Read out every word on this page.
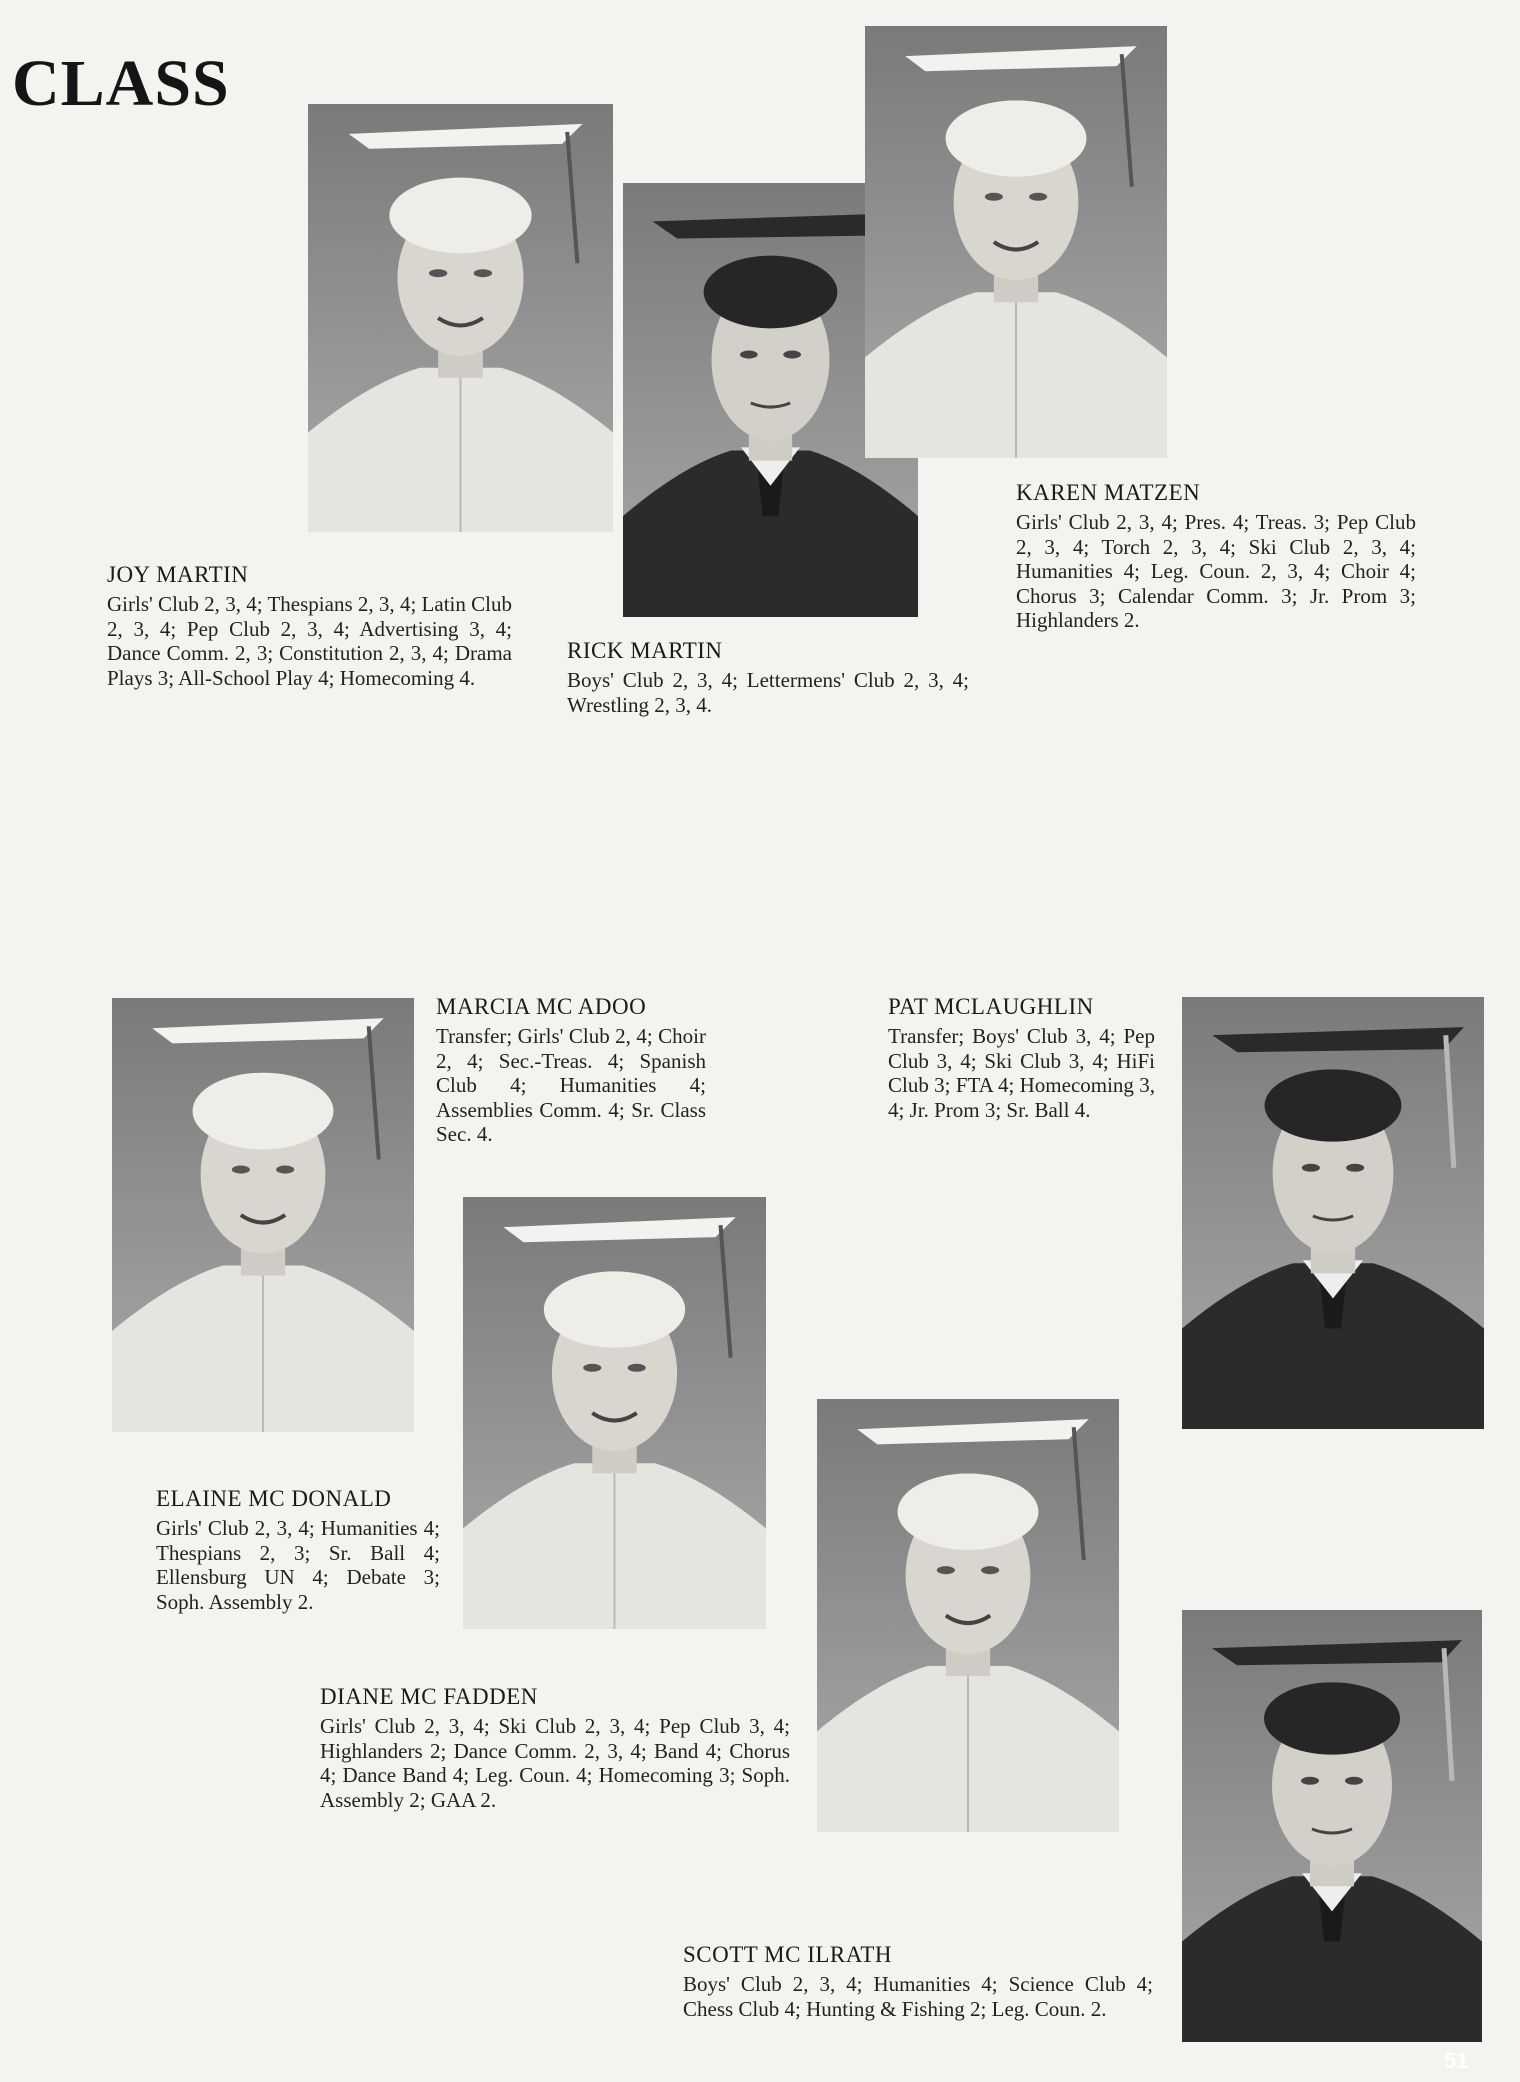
CLASS
JOY MARTIN
Girls' Club 2, 3, 4; Thespians 2, 3, 4; Latin Club 2, 3, 4; Pep Club 2, 3, 4; Advertising 3, 4; Dance Comm. 2, 3; Constitution 2, 3, 4; Drama Plays 3; All-School Play 4; Homecoming 4.
RICK MARTIN
Boys' Club 2, 3, 4; Lettermens' Club 2, 3, 4; Wrestling 2, 3, 4.
KAREN MATZEN
Girls' Club 2, 3, 4; Pres. 4; Treas. 3; Pep Club 2, 3, 4; Torch 2, 3, 4; Ski Club 2, 3, 4; Humanities 4; Leg. Coun. 2, 3, 4; Choir 4; Chorus 3; Calendar Comm. 3; Jr. Prom 3; Highlanders 2.
MARCIA MC ADOO
Transfer; Girls' Club 2, 4; Choir 2, 4; Sec.-Treas. 4; Spanish Club 4; Humanities 4; Assemblies Comm. 4; Sr. Class Sec. 4.
PAT MCLAUGHLIN
Transfer; Boys' Club 3, 4; Pep Club 3, 4; Ski Club 3, 4; HiFi Club 3; FTA 4; Homecoming 3, 4; Jr. Prom 3; Sr. Ball 4.
ELAINE MC DONALD
Girls' Club 2, 3, 4; Humanities 4; Thespians 2, 3; Sr. Ball 4; Ellensburg UN 4; Debate 3; Soph. Assembly 2.
DIANE MC FADDEN
Girls' Club 2, 3, 4; Ski Club 2, 3, 4; Pep Club 3, 4; Highlanders 2; Dance Comm. 2, 3, 4; Band 4; Chorus 4; Dance Band 4; Leg. Coun. 4; Homecoming 3; Soph. Assembly 2; GAA 2.
SCOTT MC ILRATH
Boys' Club 2, 3, 4; Humanities 4; Science Club 4; Chess Club 4; Hunting & Fishing 2; Leg. Coun. 2.
51
